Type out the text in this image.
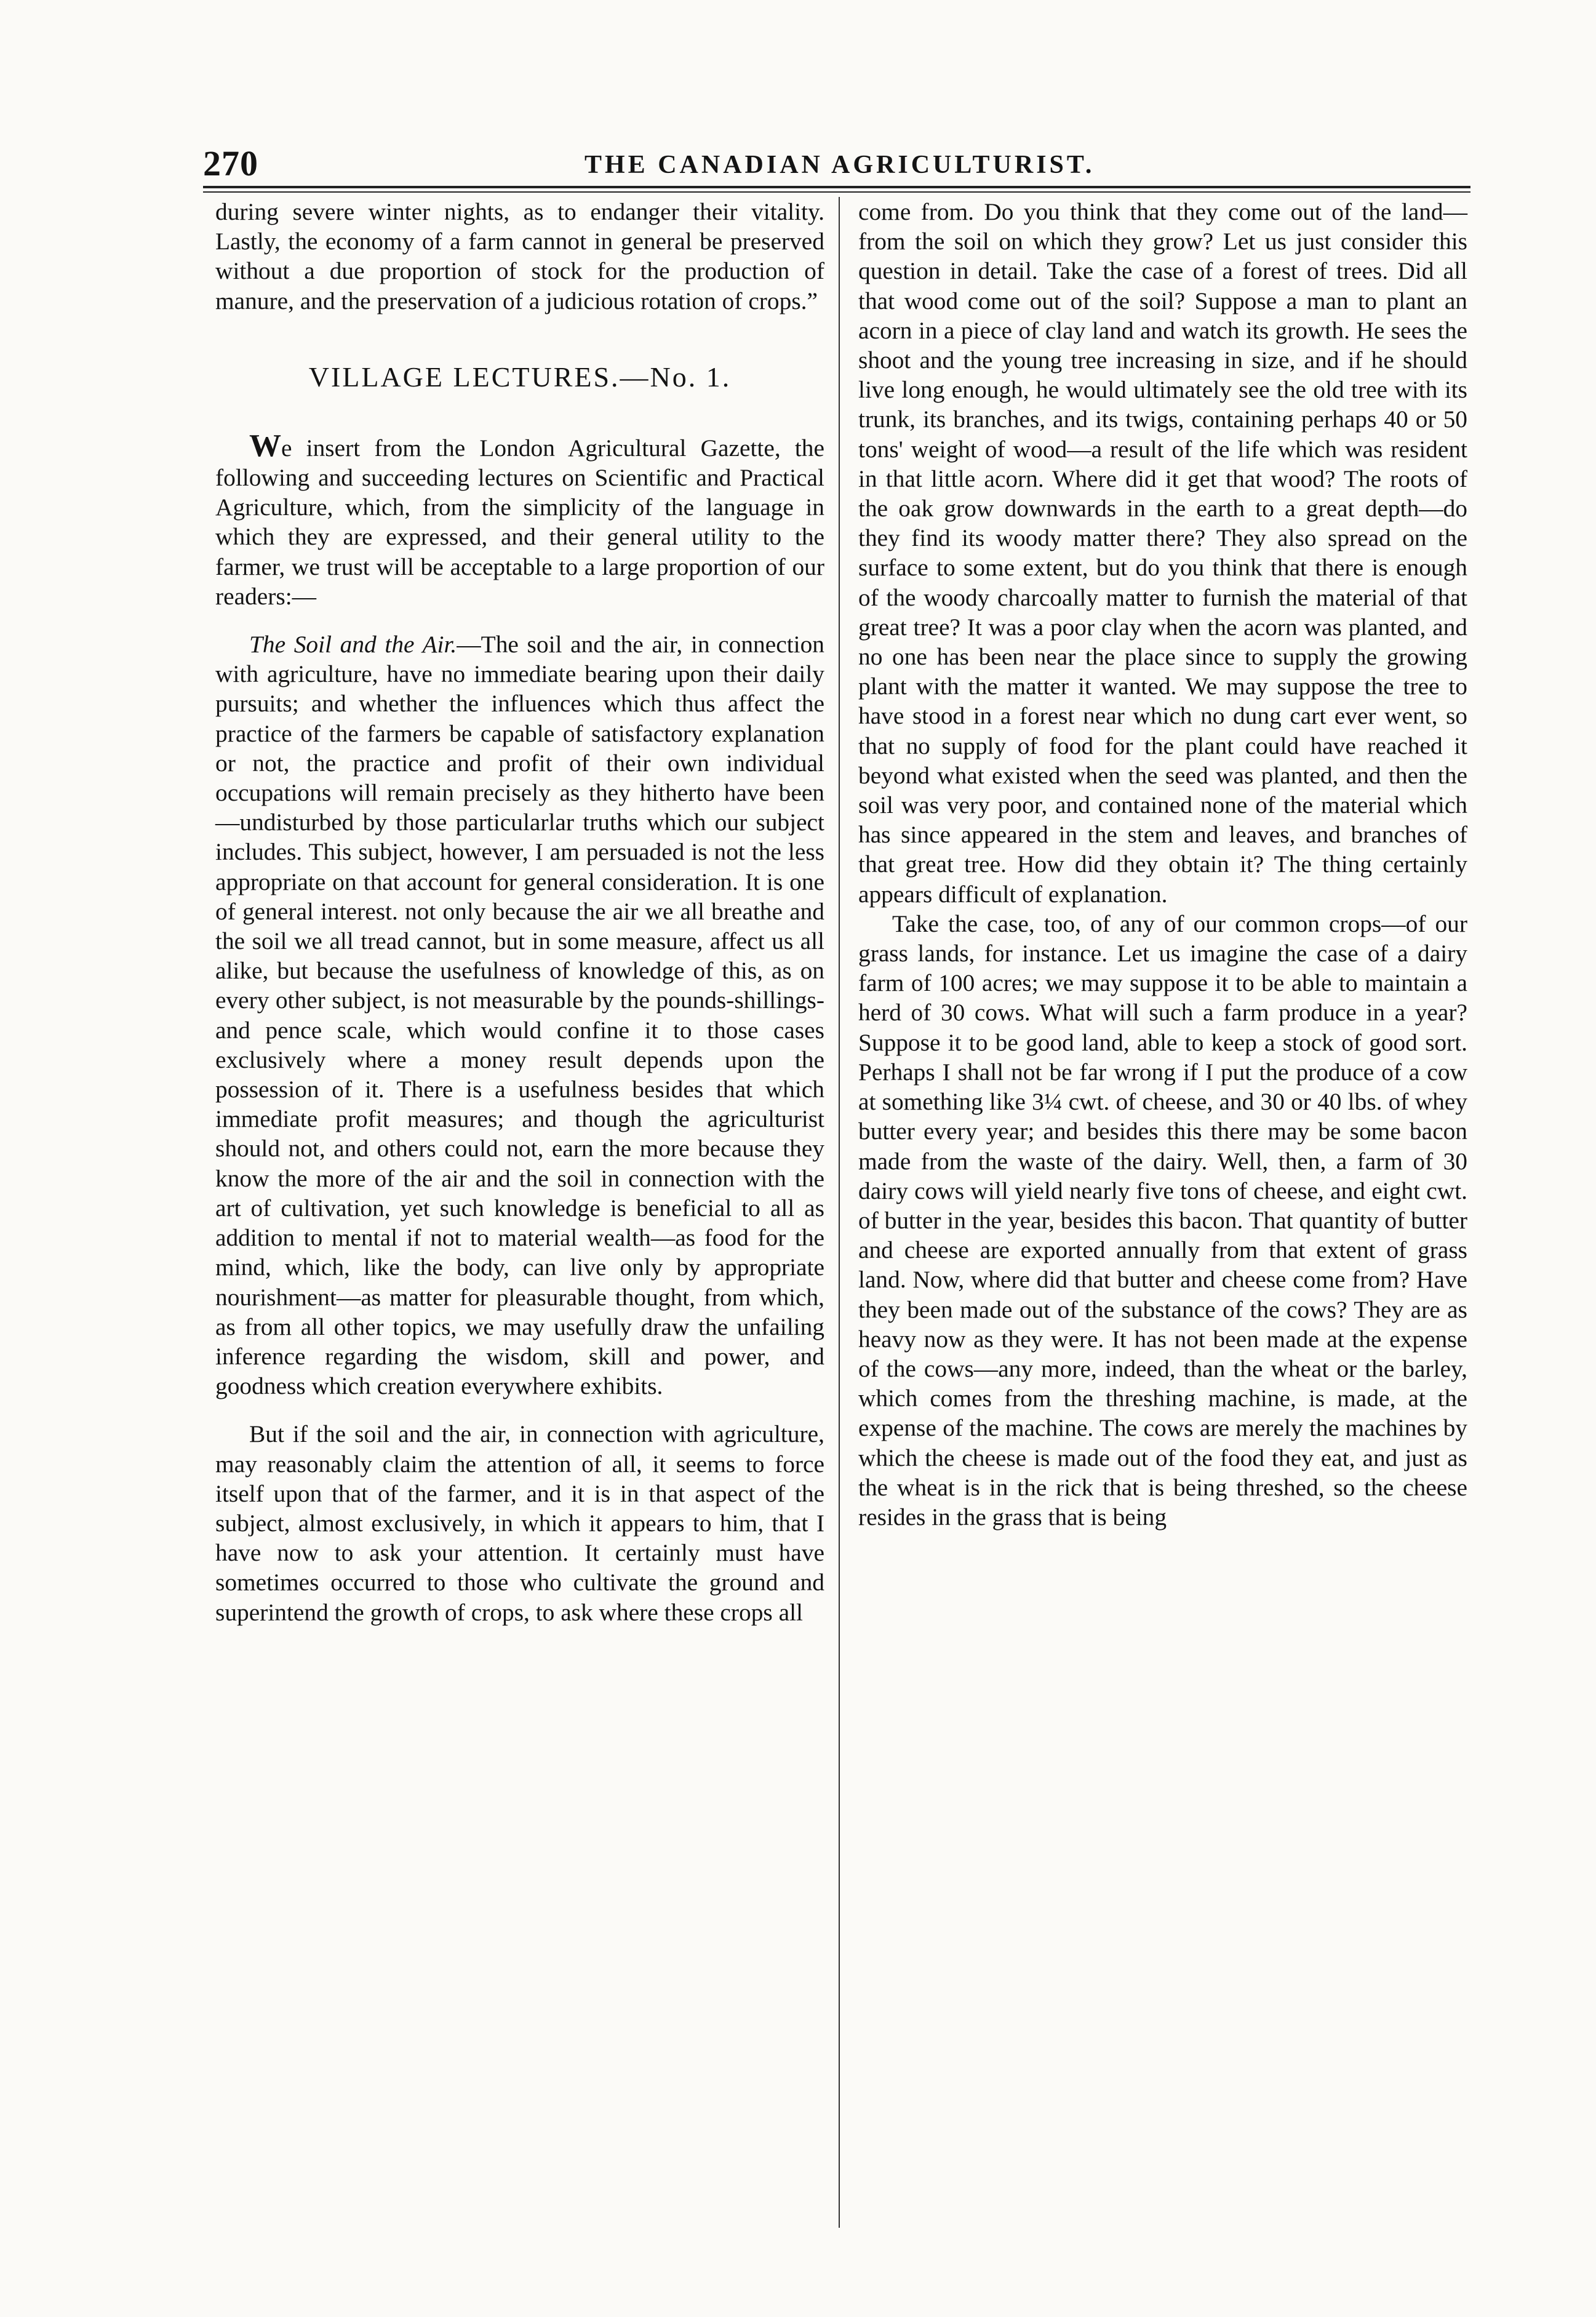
270	THE CANADIAN AGRICULTURIST.

during severe winter nights, as to endanger their vitality. Lastly, the economy of a farm cannot in general be preserved without a due proportion of stock for the production of manure, and the preservation of a judicious rotation of crops.”

VILLAGE LECTURES.—No. 1.

We insert from the London Agricultural Gazette, the following and succeeding lectures on Scientific and Practical Agriculture, which, from the simplicity of the language in which they are expressed, and their general utility to the farmer, we trust will be acceptable to a large proportion of our readers:—

The Soil and the Air.—The soil and the air, in connection with agriculture, have no immediate bearing upon their daily pursuits; and whether the influences which thus affect the practice of the farmers be capable of satisfactory explanation or not, the practice and profit of their own individual occupations will remain precisely as they hitherto have been—undisturbed by those particularlar truths which our subject includes. This subject, however, I am persuaded is not the less appropriate on that account for general consideration. It is one of general interest. not only because the air we all breathe and the soil we all tread cannot, but in some measure, affect us all alike, but because the usefulness of knowledge of this, as on every other subject, is not measurable by the pounds-shillings-and pence scale, which would confine it to those cases exclusively where a money result depends upon the possession of it. There is a usefulness besides that which immediate profit measures; and though the agriculturist should not, and others could not, earn the more because they know the more of the air and the soil in connection with the art of cultivation, yet such knowledge is beneficial to all as addition to mental if not to material wealth—as food for the mind, which, like the body, can live only by appropriate nourishment—as matter for pleasurable thought, from which, as from all other topics, we may usefully draw the unfailing inference regarding the wisdom, skill and power, and goodness which creation everywhere exhibits.

But if the soil and the air, in connection with agriculture, may reasonably claim the attention of all, it seems to force itself upon that of the farmer, and it is in that aspect of the subject, almost exclusively, in which it appears to him, that I have now to ask your attention. It certainly must have sometimes occurred to those who cultivate the ground and superintend the growth of crops, to ask where these crops all

come from. Do you think that they come out of the land—from the soil on which they grow? Let us just consider this question in detail. Take the case of a forest of trees. Did all that wood come out of the soil? Suppose a man to plant an acorn in a piece of clay land and watch its growth. He sees the shoot and the young tree increasing in size, and if he should live long enough, he would ultimately see the old tree with its trunk, its branches, and its twigs, containing perhaps 40 or 50 tons' weight of wood—a result of the life which was resident in that little acorn. Where did it get that wood? The roots of the oak grow downwards in the earth to a great depth—do they find its woody matter there? They also spread on the surface to some extent, but do you think that there is enough of the woody charcoally matter to furnish the material of that great tree? It was a poor clay when the acorn was planted, and no one has been near the place since to supply the growing plant with the matter it wanted. We may suppose the tree to have stood in a forest near which no dung cart ever went, so that no supply of food for the plant could have reached it beyond what existed when the seed was planted, and then the soil was very poor, and contained none of the material which has since appeared in the stem and leaves, and branches of that great tree. How did they obtain it? The thing certainly appears difficult of explanation.

Take the case, too, of any of our common crops—of our grass lands, for instance. Let us imagine the case of a dairy farm of 100 acres; we may suppose it to be able to maintain a herd of 30 cows. What will such a farm produce in a year? Suppose it to be good land, able to keep a stock of good sort. Perhaps I shall not be far wrong if I put the produce of a cow at something like 3¼ cwt. of cheese, and 30 or 40 lbs. of whey butter every year; and besides this there may be some bacon made from the waste of the dairy. Well, then, a farm of 30 dairy cows will yield nearly five tons of cheese, and eight cwt. of butter in the year, besides this bacon. That quantity of butter and cheese are exported annually from that extent of grass land. Now, where did that butter and cheese come from? Have they been made out of the substance of the cows? They are as heavy now as they were. It has not been made at the expense of the cows—any more, indeed, than the wheat or the barley, which comes from the threshing machine, is made, at the expense of the machine. The cows are merely the machines by which the cheese is made out of the food they eat, and just as the wheat is in the rick that is being threshed, so the cheese resides in the grass that is being
